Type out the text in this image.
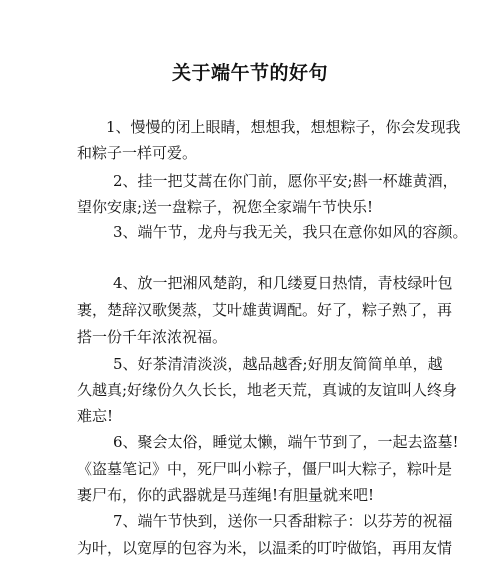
关于端午节的好句
1、慢慢的闭上眼睛，想想我，想想粽子，你会发现我
和粽子一样可爱。
2、挂一把艾蒿在你门前，愿你平安;斟一杯雄黄酒，
望你安康;送一盘粽子，祝您全家端午节快乐!
3、端午节，龙舟与我无关，我只在意你如风的容颜。
4、放一把湘风楚韵，和几缕夏日热情，青枝绿叶包
裹，楚辞汉歌煲蒸，艾叶雄黄调配。好了，粽子熟了，再
搭一份千年浓浓祝福。
5、好茶清清淡淡，越品越香;好朋友简简单单，越
久越真;好缘份久久长长，地老天荒，真诚的友谊叫人终身
难忘!
6、聚会太俗，睡觉太懒，端午节到了，一起去盗墓!
《盗墓笔记》中，死尸叫小粽子，僵尸叫大粽子，粽叶是
裹尸布，你的武器就是马莲绳!有胆量就来吧!
7、端午节快到，送你一只香甜粽子：以芬芳的祝福
为叶，以宽厚的包容为米，以温柔的叮咛做馅，再用友情
